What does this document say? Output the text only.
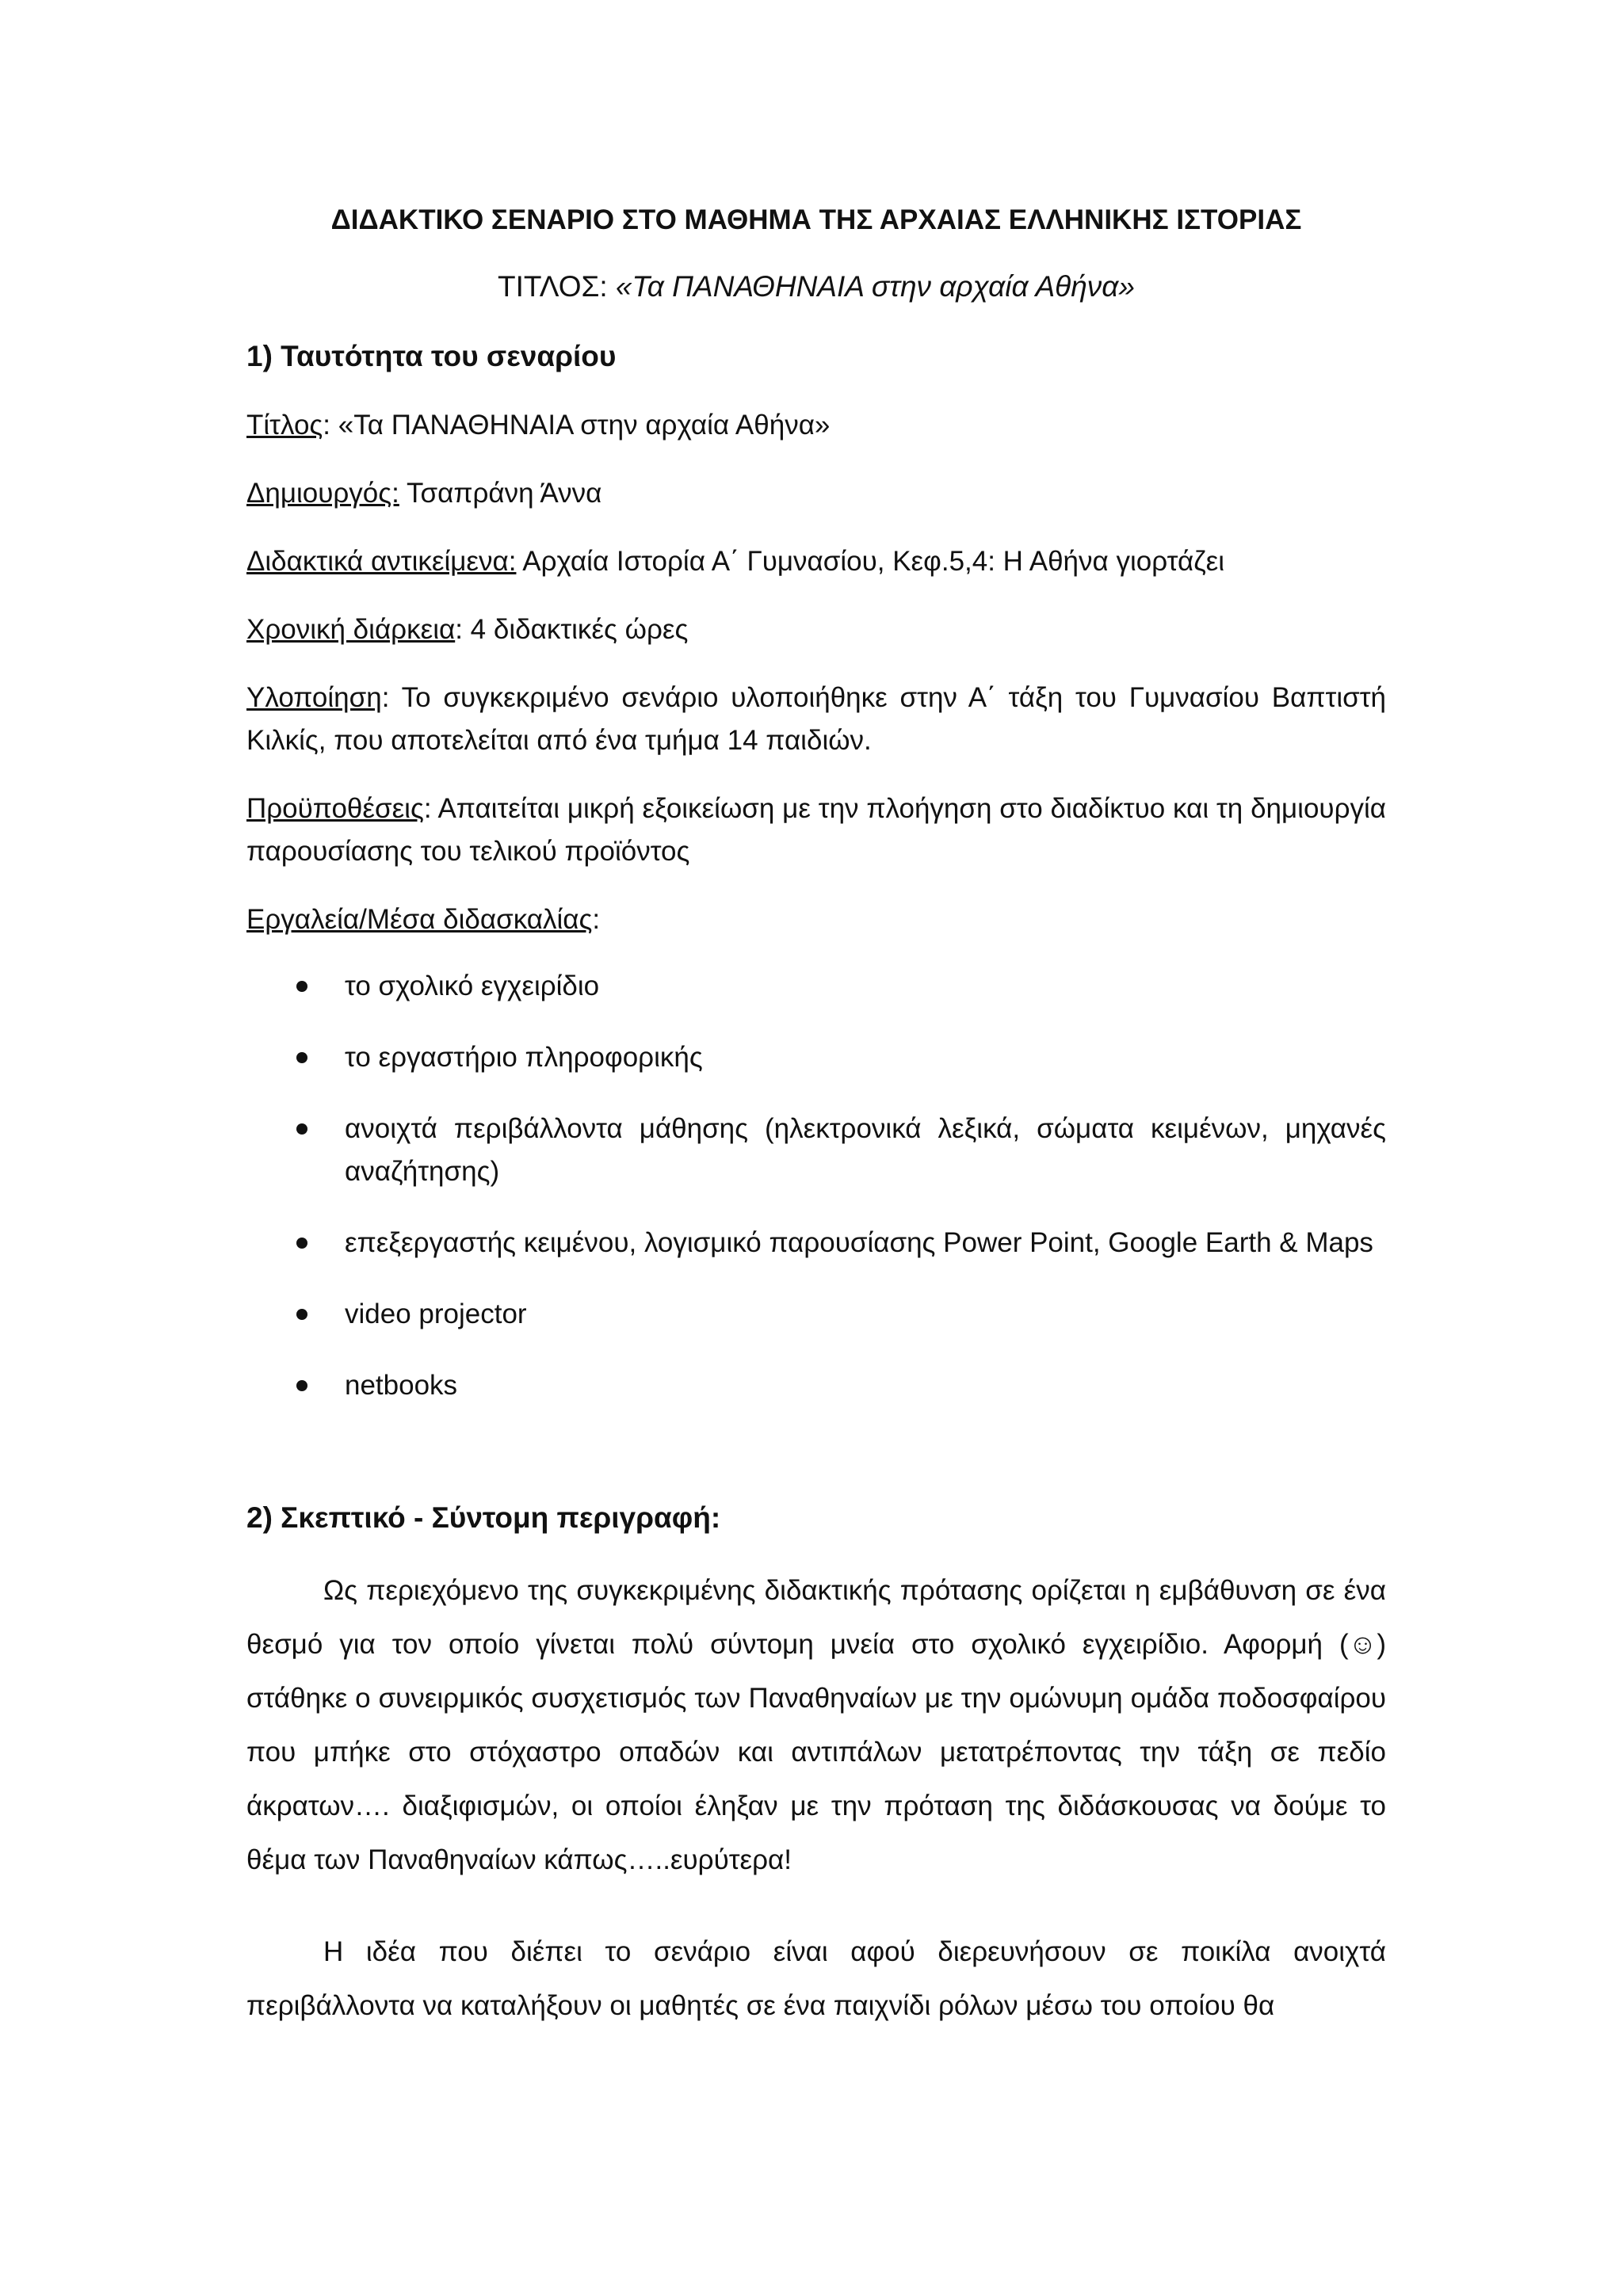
ΔΙΔΑΚΤΙΚΟ ΣΕΝΑΡΙΟ ΣΤΟ ΜΑΘΗΜΑ ΤΗΣ ΑΡΧΑΙΑΣ ΕΛΛΗΝΙΚΗΣ ΙΣΤΟΡΙΑΣ

ΤΙΤΛΟΣ: «Τα ΠΑΝΑΘΗΝΑΙΑ στην αρχαία Αθήνα»

1) Ταυτότητα του σεναρίου

Τίτλος: «Τα ΠΑΝΑΘΗΝΑΙΑ στην αρχαία Αθήνα»

Δημιουργός: Τσαπράνη Άννα

Διδακτικά αντικείμενα: Αρχαία Ιστορία Α΄ Γυμνασίου, Κεφ.5,4: Η Αθήνα γιορτάζει

Χρονική διάρκεια: 4 διδακτικές ώρες

Υλοποίηση: Το συγκεκριμένο σενάριο υλοποιήθηκε στην Α΄ τάξη του Γυμνασίου Βαπτιστή Κιλκίς, που αποτελείται από ένα τμήμα 14 παιδιών.

Προϋποθέσεις: Απαιτείται μικρή εξοικείωση με την πλοήγηση στο διαδίκτυο και τη δημιουργία παρουσίασης του τελικού προϊόντος

Εργαλεία/Μέσα διδασκαλίας:

το σχολικό εγχειρίδιο
το εργαστήριο πληροφορικής
ανοιχτά περιβάλλοντα μάθησης (ηλεκτρονικά λεξικά, σώματα κειμένων, μηχανές αναζήτησης)
επεξεργαστής κειμένου, λογισμικό παρουσίασης Power Point, Google Earth & Maps
video projector
netbooks

2) Σκεπτικό - Σύντομη περιγραφή:

Ως περιεχόμενο της συγκεκριμένης διδακτικής πρότασης ορίζεται η εμβάθυνση σε ένα θεσμό για τον οποίο γίνεται πολύ σύντομη μνεία στο σχολικό εγχειρίδιο. Αφορμή (☺) στάθηκε ο συνειρμικός συσχετισμός των Παναθηναίων με την ομώνυμη ομάδα ποδοσφαίρου που μπήκε στο στόχαστρο οπαδών και αντιπάλων μετατρέποντας την τάξη σε πεδίο άκρατων…. διαξιφισμών, οι οποίοι έληξαν με την πρόταση της διδάσκουσας να δούμε το θέμα των Παναθηναίων κάπως…..ευρύτερα!

Η ιδέα που διέπει το σενάριο είναι αφού διερευνήσουν σε ποικίλα ανοιχτά περιβάλλοντα να καταλήξουν οι μαθητές σε ένα παιχνίδι ρόλων μέσω του οποίου θα
